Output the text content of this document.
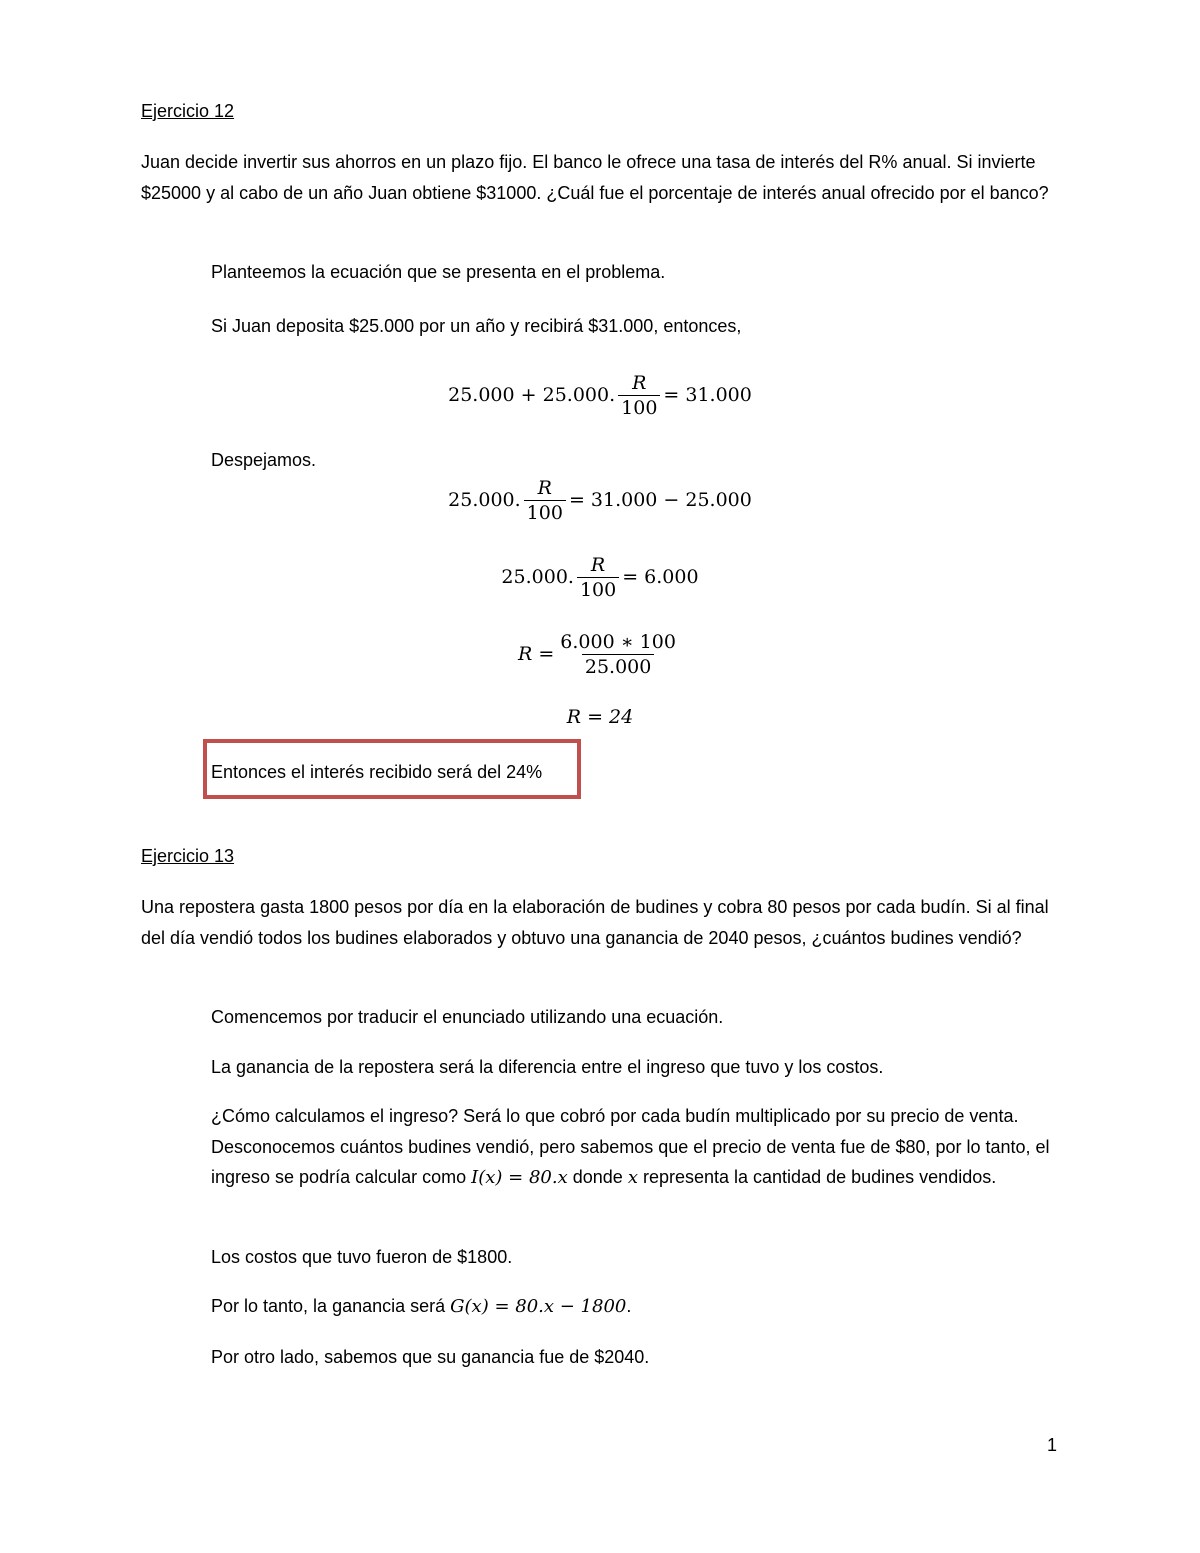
Ejercicio 12
Juan decide invertir sus ahorros en un plazo fijo. El banco le ofrece una tasa de interés del R% anual. Si invierte $25000 y al cabo de un año Juan obtiene $31000. ¿Cuál fue el porcentaje de interés anual ofrecido por el banco?
Planteemos la ecuación que se presenta en el problema.
Si Juan deposita $25.000 por un año y recibirá $31.000, entonces,
25.000 + 25.000. $\frac{R}{100} = 31.000$
Despejamos.
25.000. $\frac{R}{100} = 31.000 - 25.000$
25.000. $\frac{R}{100} = 6.000$
$R = \frac{6.000 ∗ 100}{25.000}$
R = 24
Entonces el interés recibido será del 24%
Ejercicio 13
Una repostera gasta 1800 pesos por día en la elaboración de budines y cobra 80 pesos por cada budín. Si al final del día vendió todos los budines elaborados y obtuvo una ganancia de 2040 pesos, ¿cuántos budines vendió?
Comencemos por traducir el enunciado utilizando una ecuación.
La ganancia de la repostera será la diferencia entre el ingreso que tuvo y los costos.
¿Cómo calculamos el ingreso? Será lo que cobró por cada budín multiplicado por su precio de venta. Desconocemos cuántos budines vendió, pero sabemos que el precio de venta fue de $80, por lo tanto, el ingreso se podría calcular como I(x) = 80.x donde x representa la cantidad de budines vendidos.
Los costos que tuvo fueron de $1800.
Por lo tanto, la ganancia será G(x) = 80.x − 1800.
Por otro lado, sabemos que su ganancia fue de $2040.
1
